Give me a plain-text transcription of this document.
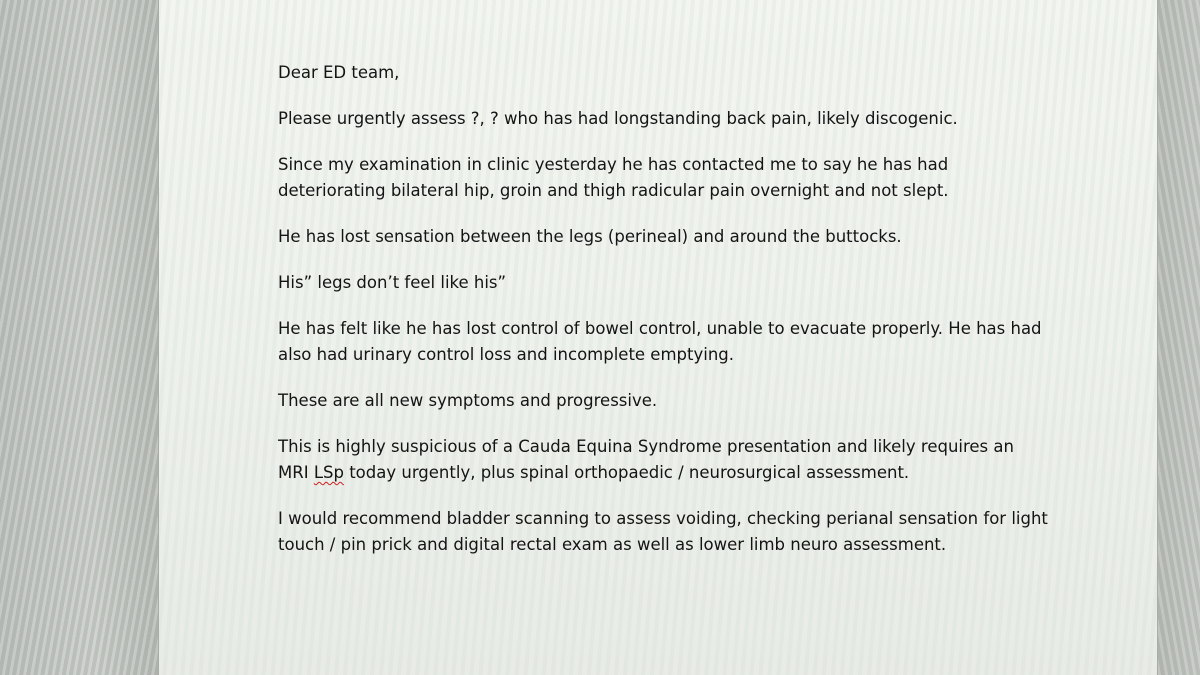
Dear ED team,

Please urgently assess ?, ? who has had longstanding back pain, likely discogenic.

Since my examination in clinic yesterday he has contacted me to say he has had
deteriorating bilateral hip, groin and thigh radicular pain overnight and not slept.

He has lost sensation between the legs (perineal) and around the buttocks.

His” legs don’t feel like his”

He has felt like he has lost control of bowel control, unable to evacuate properly. He has had
also had urinary control loss and incomplete emptying.

These are all new symptoms and progressive.

This is highly suspicious of a Cauda Equina Syndrome presentation and likely requires an
MRI LSp today urgently, plus spinal orthopaedic / neurosurgical assessment.

I would recommend bladder scanning to assess voiding, checking perianal sensation for light
touch / pin prick and digital rectal exam as well as lower limb neuro assessment.
